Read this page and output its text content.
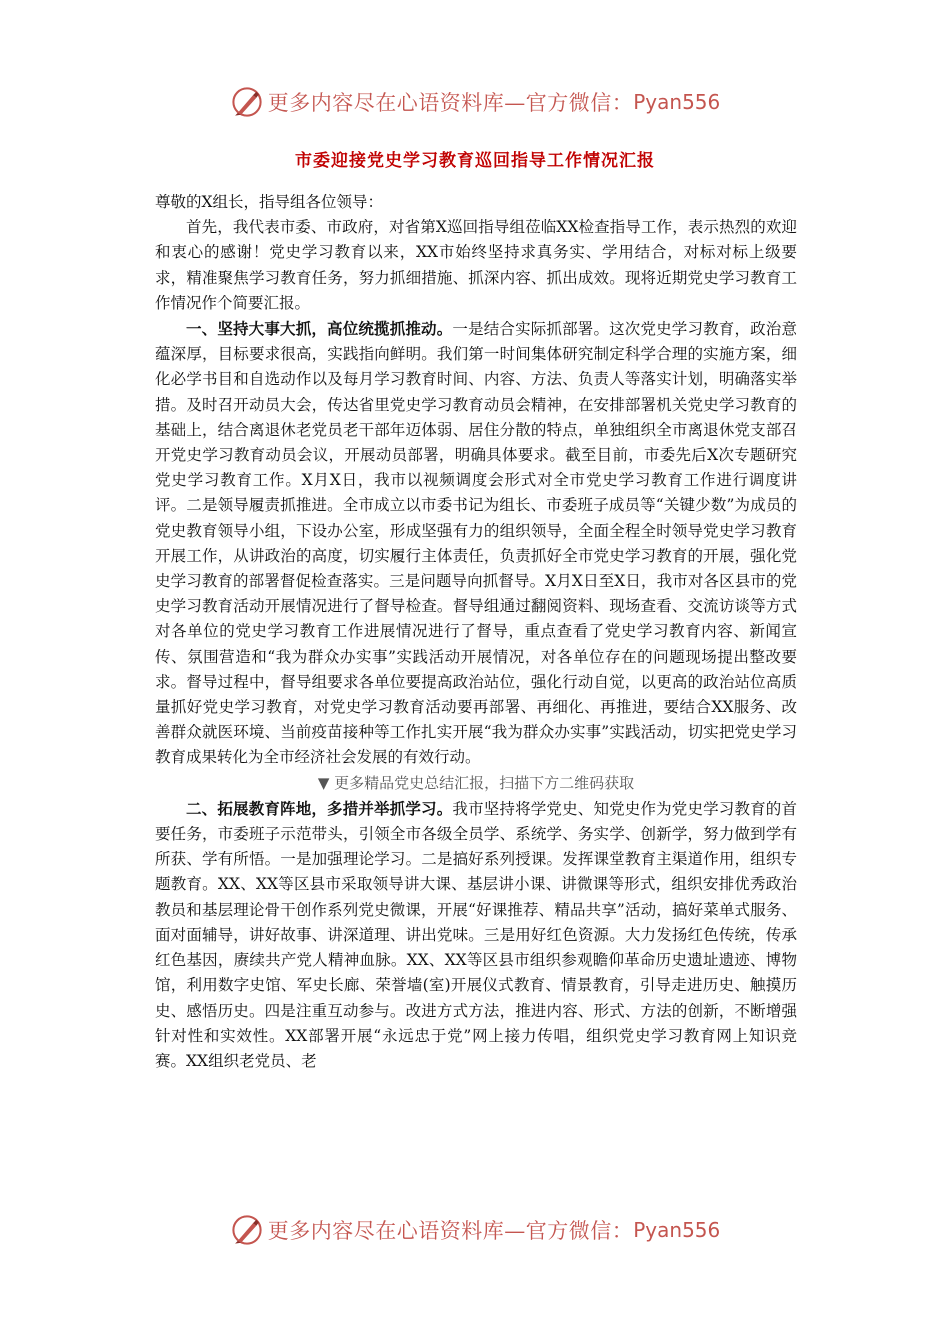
更多内容尽在心语资料库—官方微信： Pyan556
市委迎接党史学习教育巡回指导工作情况汇报

尊敬的X组长，指导组各位领导：

首先，我代表市委、市政府，对省第X巡回指导组莅临XX检查指导工作，表示热烈的欢迎和衷心的感谢！党史学习教育以来，XX市始终坚持求真务实、学用结合，对标对标上级要求，精准聚焦学习教育任务，努力抓细措施、抓深内容、抓出成效。现将近期党史学习教育工作情况作个简要汇报。

一、坚持大事大抓，高位统揽抓推动。一是结合实际抓部署。这次党史学习教育，政治意蕴深厚，目标要求很高，实践指向鲜明。我们第一时间集体研究制定科学合理的实施方案，细化必学书目和自选动作以及每月学习教育时间、内容、方法、负责人等落实计划，明确落实举措。及时召开动员大会，传达省里党史学习教育动员会精神，在安排部署机关党史学习教育的基础上，结合离退休老党员老干部年迈体弱、居住分散的特点，单独组织全市离退休党支部召开党史学习教育动员会议，开展动员部署，明确具体要求。截至目前，市委先后X次专题研究党史学习教育工作。X月X日，我市以视频调度会形式对全市党史学习教育工作进行调度讲评。二是领导履责抓推进。全市成立以市委书记为组长、市委班子成员等“关键少数”为成员的党史教育领导小组，下设办公室，形成坚强有力的组织领导，全面全程全时领导党史学习教育开展工作，从讲政治的高度，切实履行主体责任，负责抓好全市党史学习教育的开展，强化党史学习教育的部署督促检查落实。三是问题导向抓督导。X月X日至X日，我市对各区县市的党史学习教育活动开展情况进行了督导检查。督导组通过翻阅资料、现场查看、交流访谈等方式对各单位的党史学习教育工作进展情况进行了督导，重点查看了党史学习教育内容、新闻宣传、氛围营造和“我为群众办实事”实践活动开展情况，对各单位存在的问题现场提出整改要求。督导过程中，督导组要求各单位要提高政治站位，强化行动自觉，以更高的政治站位高质量抓好党史学习教育，对党史学习教育活动要再部署、再细化、再推进，要结合XX服务、改善群众就医环境、当前疫苗接种等工作扎实开展“我为群众办实事”实践活动，切实把党史学习教育成果转化为全市经济社会发展的有效行动。

▼ 更多精品党史总结汇报，扫描下方二维码获取

二、拓展教育阵地，多措并举抓学习。我市坚持将学党史、知党史作为党史学习教育的首要任务，市委班子示范带头，引领全市各级全员学、系统学、务实学、创新学，努力做到学有所获、学有所悟。一是加强理论学习。二是搞好系列授课。发挥课堂教育主渠道作用，组织专题教育。XX、XX等区县市采取领导讲大课、基层讲小课、讲微课等形式，组织安排优秀政治教员和基层理论骨干创作系列党史微课，开展“好课推荐、精品共享”活动，搞好菜单式服务、面对面辅导，讲好故事、讲深道理、讲出党味。三是用好红色资源。大力发扬红色传统，传承红色基因，赓续共产党人精神血脉。XX、XX等区县市组织参观瞻仰革命历史遗址遗迹、博物馆，利用数字史馆、军史长廊、荣誉墙(室)开展仪式教育、情景教育，引导走进历史、触摸历史、感悟历史。四是注重互动参与。改进方式方法，推进内容、形式、方法的创新，不断增强针对性和实效性。XX部署开展“永远忠于党”网上接力传唱，组织党史学习教育网上知识竞赛。XX组织老党员、老

更多内容尽在心语资料库—官方微信： Pyan556
